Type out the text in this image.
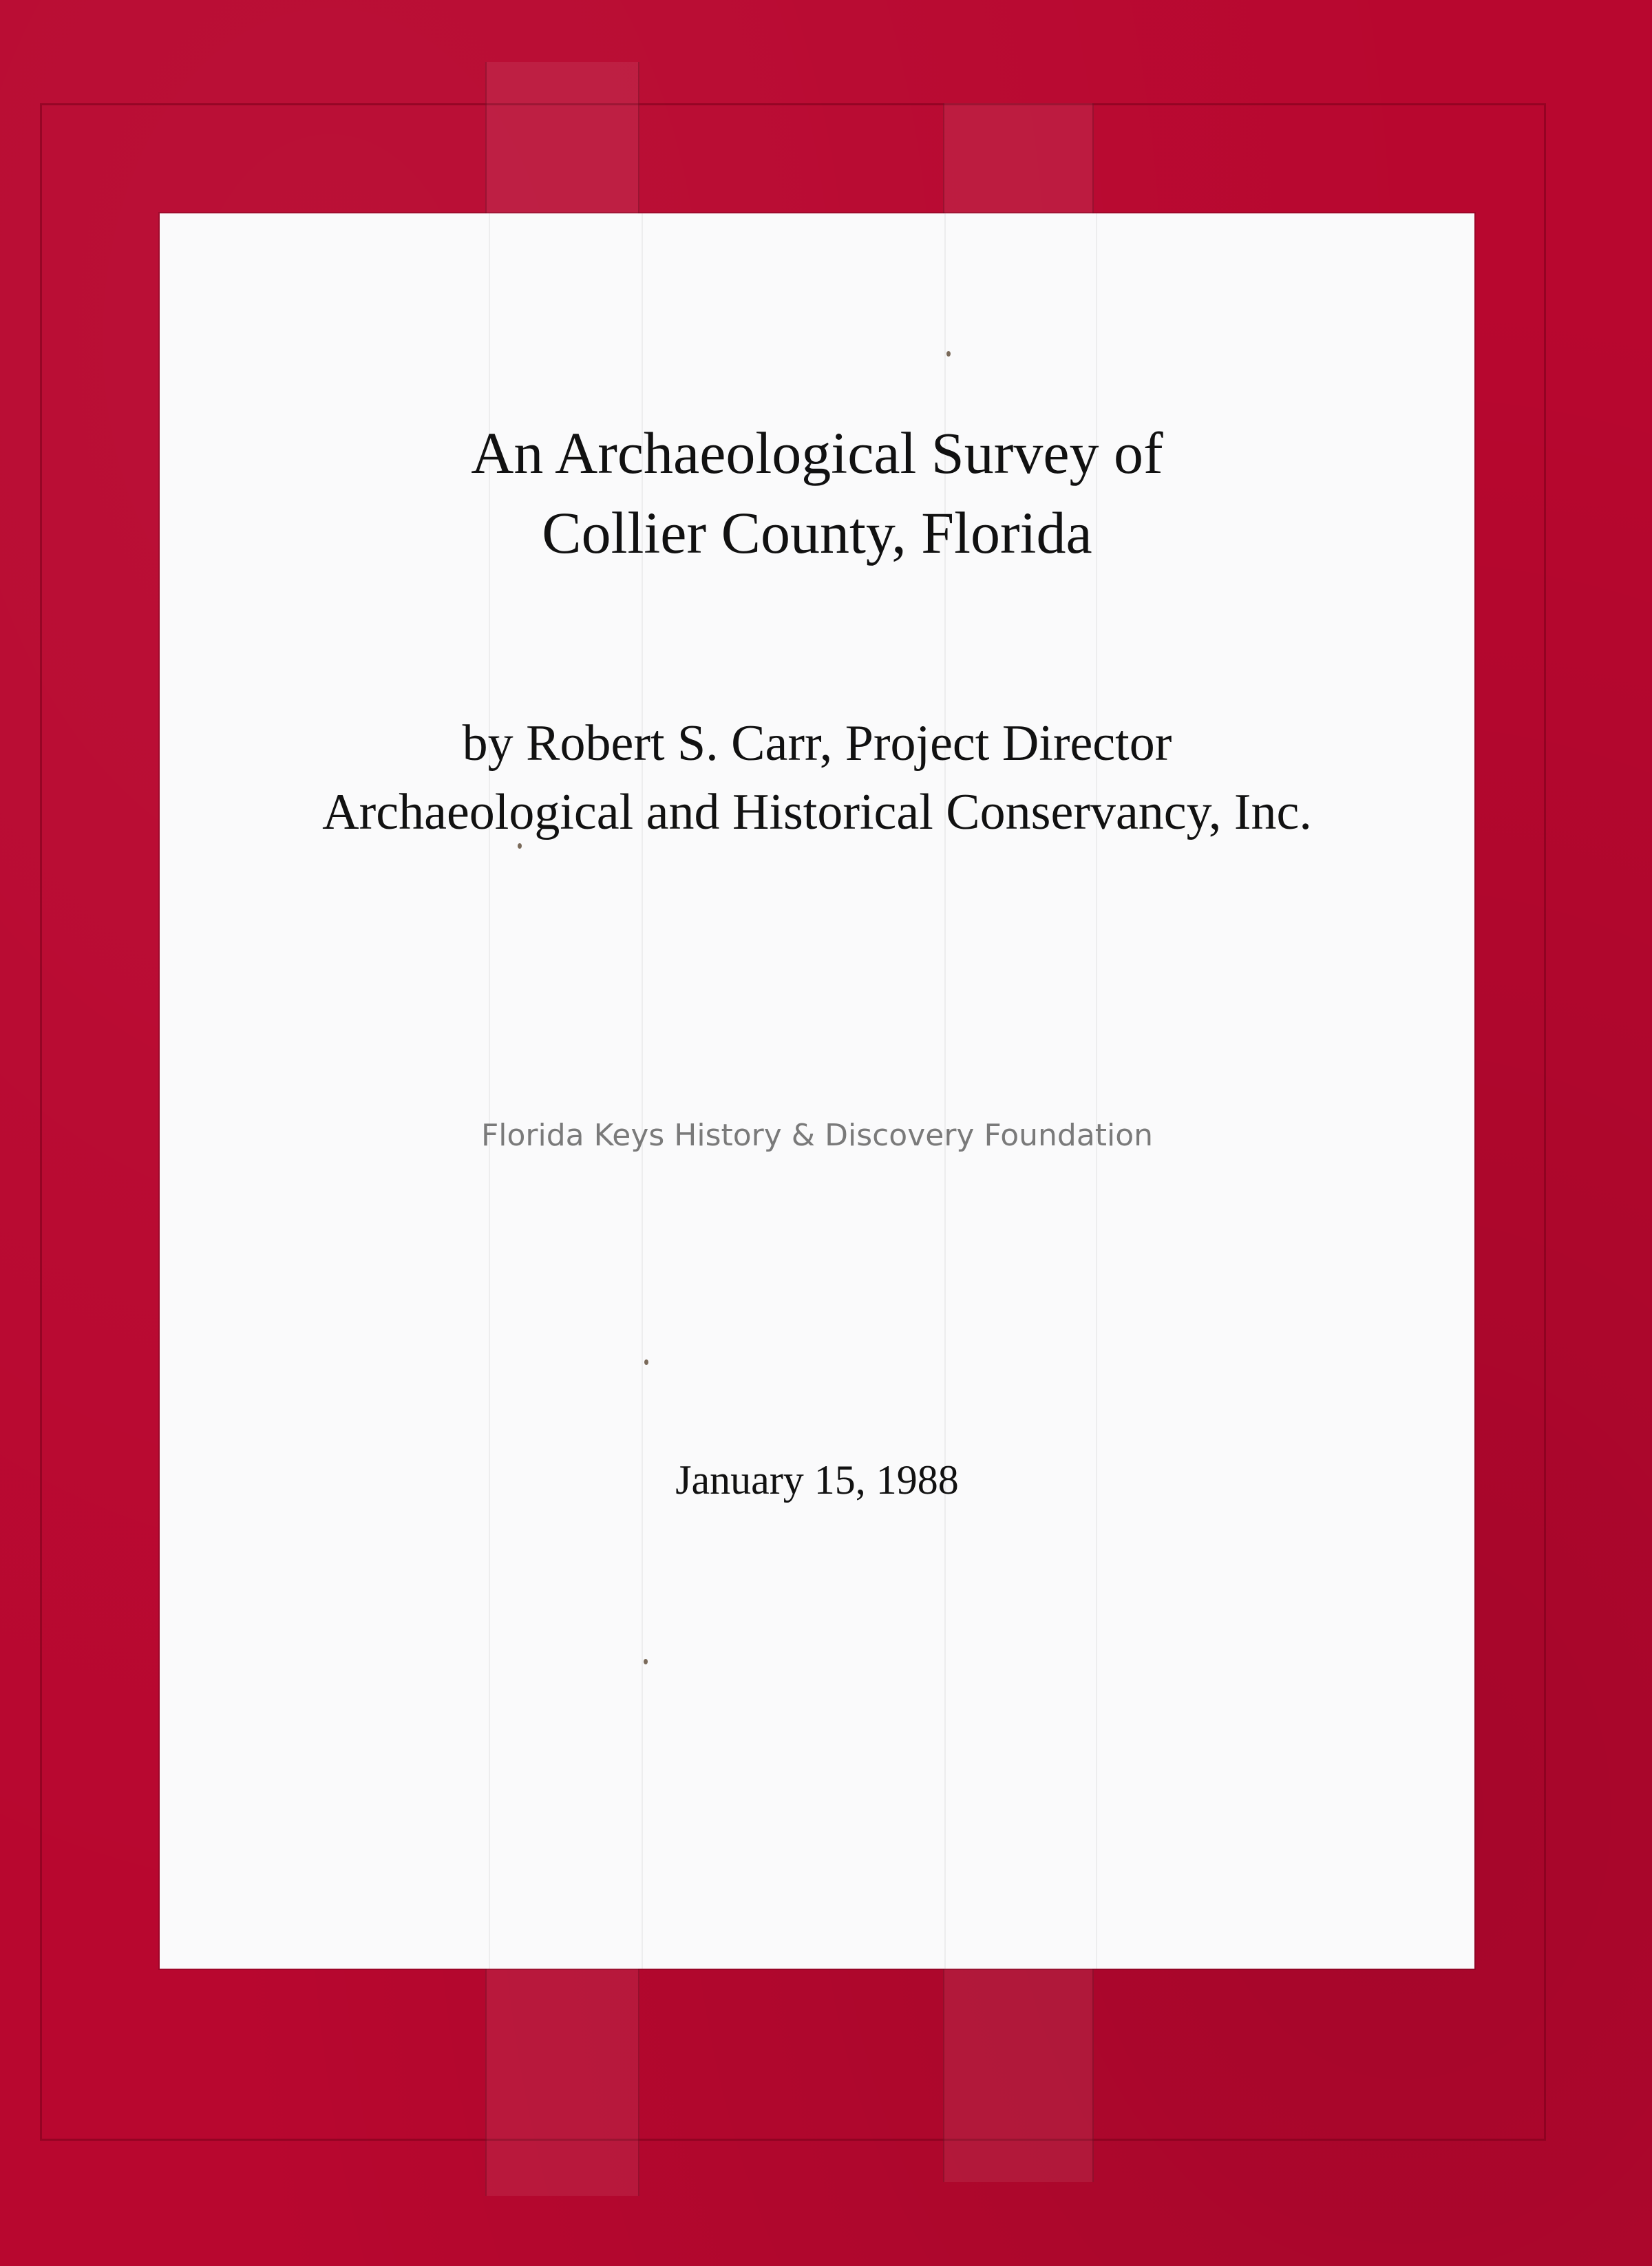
An Archaeological Survey of
Collier County, Florida
by Robert S. Carr, Project Director
Archaeological and Historical Conservancy, Inc.
Florida Keys History & Discovery Foundation
January 15, 1988
